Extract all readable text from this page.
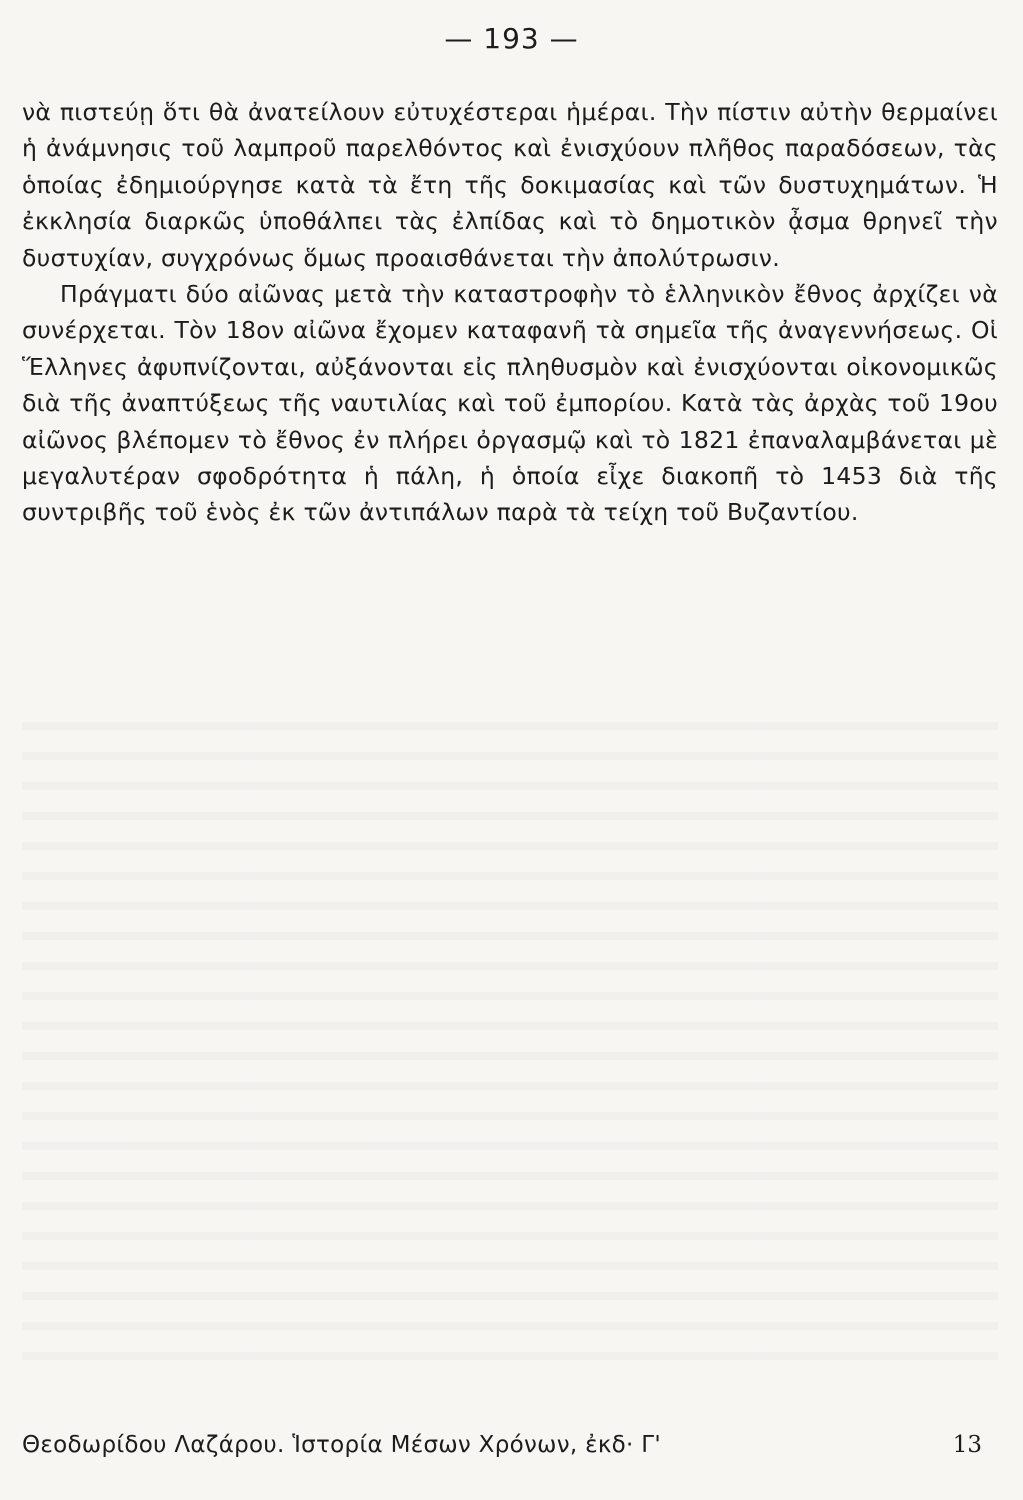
— 193 —

νὰ πιστεύῃ ὅτι θὰ ἀνατείλουν εὐτυχέστεραι ἡμέραι. Τὴν πίστιν αὐτὴν θερμαίνει ἡ ἀνάμνησις τοῦ λαμπροῦ παρελθόντος καὶ ἐνισχύουν πλῆθος παραδόσεων, τὰς ὁποίας ἐδημιούργησε κατὰ τὰ ἔτη τῆς δοκιμασίας καὶ τῶν δυστυχημάτων. Ἡ ἐκκλησία διαρκῶς ὑποθάλπει τὰς ἐλπίδας καὶ τὸ δημοτικὸν ᾆσμα θρηνεῖ τὴν δυστυχίαν, συγχρόνως ὅμως προαισθάνεται τὴν ἀπολύτρωσιν.

Πράγματι δύο αἰῶνας μετὰ τὴν καταστροφὴν τὸ ἑλληνικὸν ἔθνος ἀρχίζει νὰ συνέρχεται. Τὸν 18ον αἰῶνα ἔχομεν καταφανῆ τὰ σημεῖα τῆς ἀναγεννήσεως. Οἱ Ἕλληνες ἀφυπνίζονται, αὐξάνονται εἰς πληθυσμὸν καὶ ἐνισχύονται οἰκονομικῶς διὰ τῆς ἀναπτύξεως τῆς ναυτιλίας καὶ τοῦ ἐμπορίου. Κατὰ τὰς ἀρχὰς τοῦ 19ου αἰῶνος βλέπομεν τὸ ἔθνος ἐν πλήρει ὀργασμῷ καὶ τὸ 1821 ἐπαναλαμβάνεται μὲ μεγαλυτέραν σφοδρότητα ἡ πάλη, ἡ ὁποία εἶχε διακοπῆ τὸ 1453 διὰ τῆς συντριβῆς τοῦ ἑνὸς ἐκ τῶν ἀντιπάλων παρὰ τὰ τείχη τοῦ Βυζαντίου.

Θεοδωρίδου Λαζάρου. Ἱστορία Μέσων Χρόνων, ἐκδ· Γ'	13
